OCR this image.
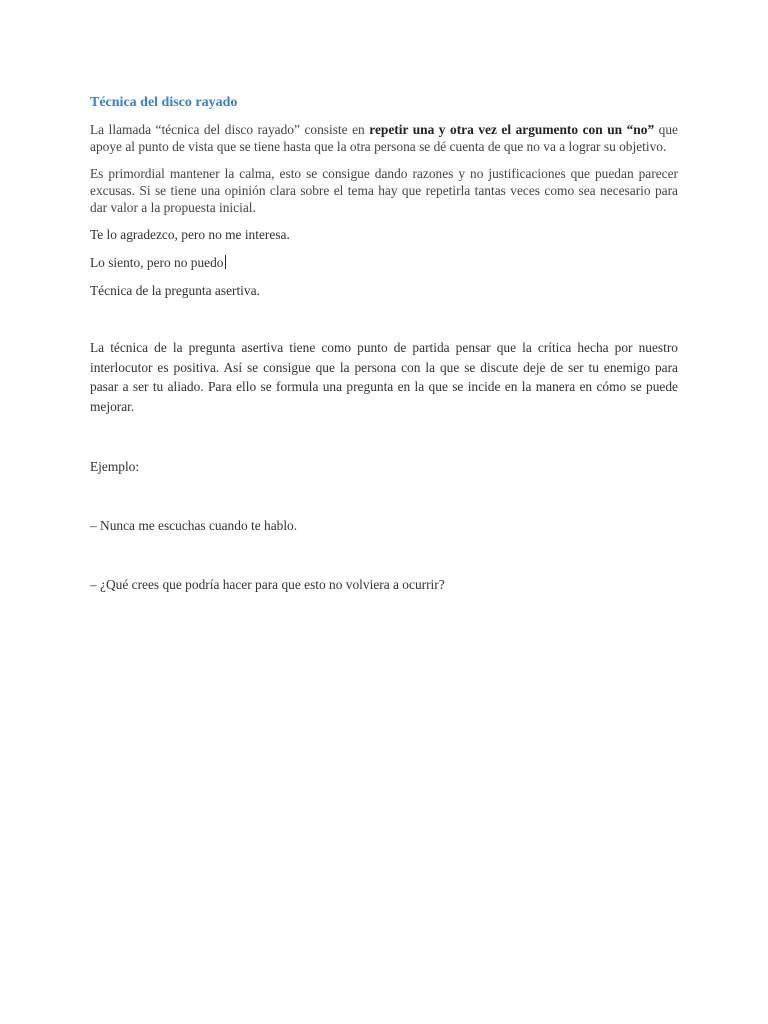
Técnica del disco rayado

La llamada “técnica del disco rayado” consiste en repetir una y otra vez el argumento con un “no” que apoye al punto de vista que se tiene hasta que la otra persona se dé cuenta de que no va a lograr su objetivo.

Es primordial mantener la calma, esto se consigue dando razones y no justificaciones que puedan parecer excusas. Si se tiene una opinión clara sobre el tema hay que repetirla tantas veces como sea necesario para dar valor a la propuesta inicial.

Te lo agradezco, pero no me interesa.

Lo siento, pero no puedo

Técnica de la pregunta asertiva.

La técnica de la pregunta asertiva tiene como punto de partida pensar que la crítica hecha por nuestro interlocutor es positiva. Así se consigue que la persona con la que se discute deje de ser tu enemigo para pasar a ser tu aliado. Para ello se formula una pregunta en la que se incide en la manera en cómo se puede mejorar.

Ejemplo:

– Nunca me escuchas cuando te hablo.

– ¿Qué crees que podría hacer para que esto no volviera a ocurrir?
